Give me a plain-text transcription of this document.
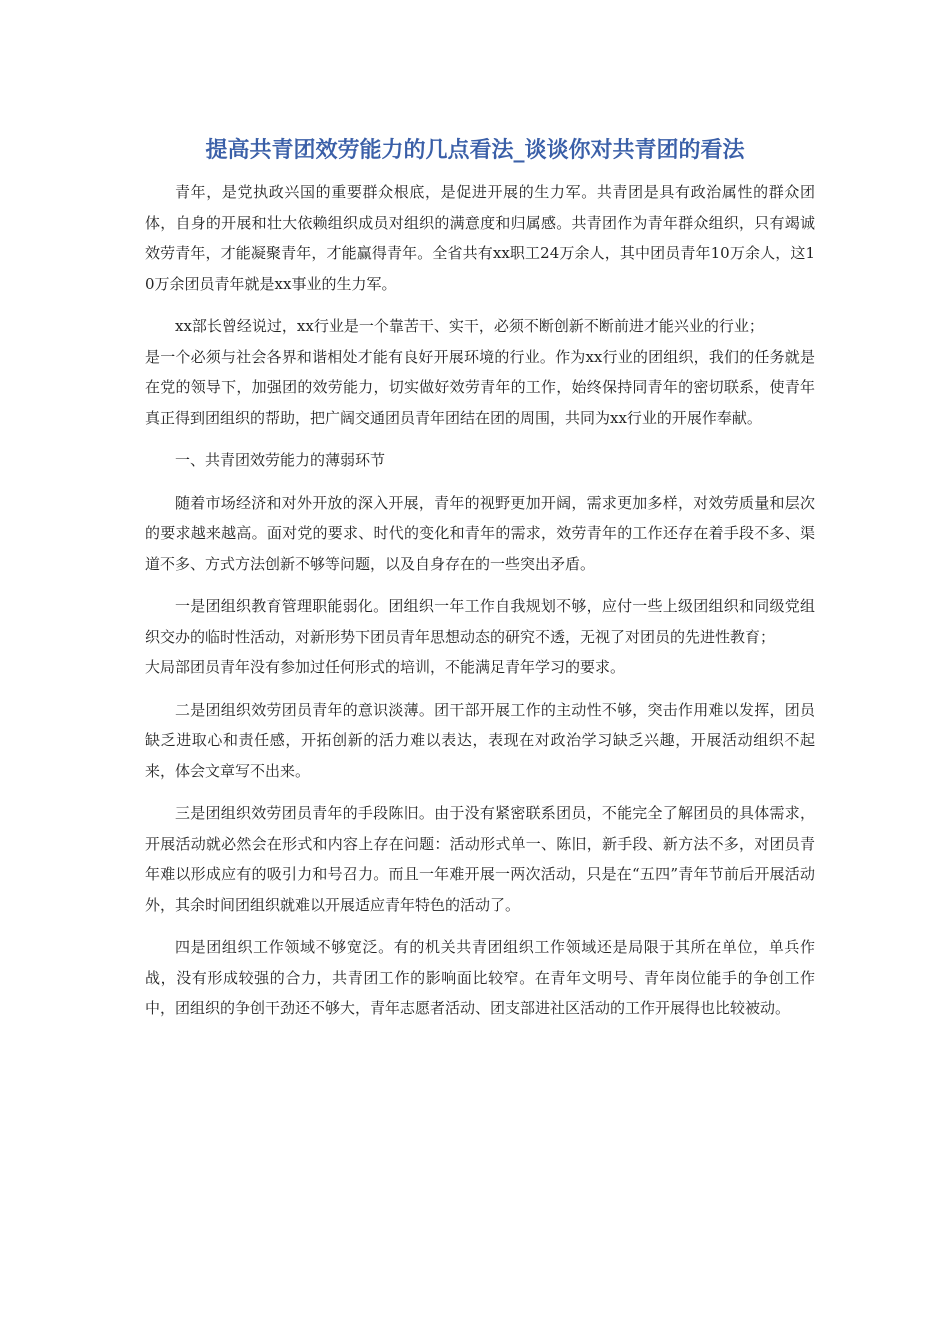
提高共青团效劳能力的几点看法_谈谈你对共青团的看法

青年，是党执政兴国的重要群众根底，是促进开展的生力军。共青团是具有政治属性的群众团体，自身的开展和壮大依赖组织成员对组织的满意度和归属感。共青团作为青年群众组织，只有竭诚效劳青年，才能凝聚青年，才能赢得青年。全省共有xx职工24万余人，其中团员青年10万余人，这10万余团员青年就是xx事业的生力军。

xx部长曾经说过，xx行业是一个靠苦干、实干，必须不断创新不断前进才能兴业的行业；

是一个必须与社会各界和谐相处才能有良好开展环境的行业。作为xx行业的团组织，我们的任务就是在党的领导下，加强团的效劳能力，切实做好效劳青年的工作，始终保持同青年的密切联系，使青年真正得到团组织的帮助，把广阔交通团员青年团结在团的周围，共同为xx行业的开展作奉献。

一、共青团效劳能力的薄弱环节

随着市场经济和对外开放的深入开展，青年的视野更加开阔，需求更加多样，对效劳质量和层次的要求越来越高。面对党的要求、时代的变化和青年的需求，效劳青年的工作还存在着手段不多、渠道不多、方式方法创新不够等问题，以及自身存在的一些突出矛盾。

一是团组织教育管理职能弱化。团组织一年工作自我规划不够，应付一些上级团组织和同级党组织交办的临时性活动，对新形势下团员青年思想动态的研究不透，无视了对团员的先进性教育；

大局部团员青年没有参加过任何形式的培训，不能满足青年学习的要求。

二是团组织效劳团员青年的意识淡薄。团干部开展工作的主动性不够，突击作用难以发挥，团员缺乏进取心和责任感，开拓创新的活力难以表达，表现在对政治学习缺乏兴趣，开展活动组织不起来，体会文章写不出来。

三是团组织效劳团员青年的手段陈旧。由于没有紧密联系团员，不能完全了解团员的具体需求，开展活动就必然会在形式和内容上存在问题：活动形式单一、陈旧，新手段、新方法不多，对团员青年难以形成应有的吸引力和号召力。而且一年难开展一两次活动，只是在“五四”青年节前后开展活动外，其余时间团组织就难以开展适应青年特色的活动了。

四是团组织工作领域不够宽泛。有的机关共青团组织工作领域还是局限于其所在单位，单兵作战，没有形成较强的合力，共青团工作的影响面比较窄。在青年文明号、青年岗位能手的争创工作中，团组织的争创干劲还不够大，青年志愿者活动、团支部进社区活动的工作开展得也比较被动。
